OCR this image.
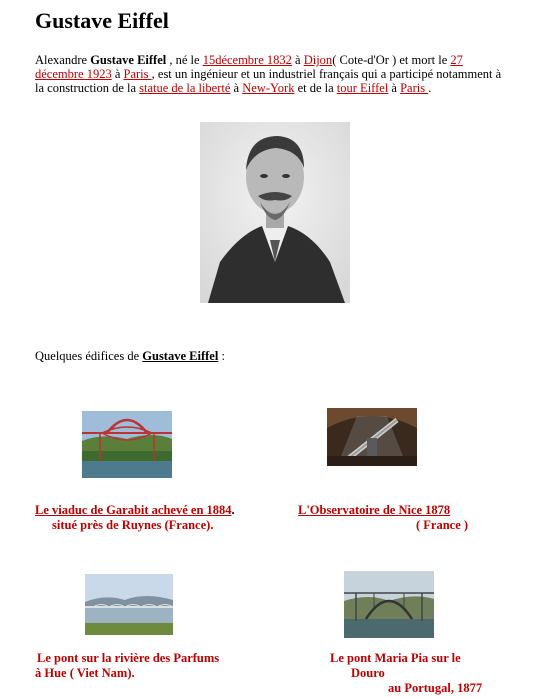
Gustave Eiffel
Alexandre Gustave Eiffel , né le 15décembre 1832 à Dijon( Cote-d'Or ) et mort le 27 décembre 1923 à Paris , est un ingénieur et un industriel français qui a participé notamment à la construction de la statue de la liberté à New-York et de la tour Eiffel à Paris .
Quelques édifices de Gustave Eiffel :
Le viaduc de Garabit achevé en 1884.
situé près de Ruynes (France).
L'Observatoire de Nice 1878
( France )
Le pont sur la rivière des Parfums
à Hue ( Viet Nam).
Le pont Maria Pia sur le
Douro
au Portugal, 1877
